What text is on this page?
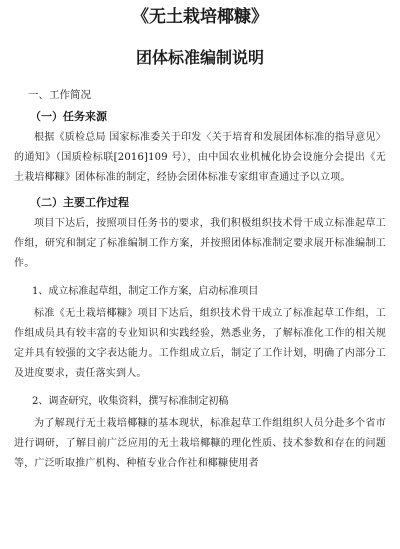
《无土栽培椰糠》
团体标准编制说明
一、工作简况
（一）任务来源

根据《质检总局 国家标准委关于印发〈关于培育和发展团体标准的指导意见〉的通知》（国质检标联[2016]109 号），由中国农业机械化协会设施分会提出《无土栽培椰糠》团体标准的制定，经协会团体标准专家组审查通过予以立项。

（二）主要工作过程

项目下达后，按照项目任务书的要求，我们积极组织技术骨干成立标准起草工作组，研究和制定了标准编制工作方案，并按照团体标准制定要求展开标准编制工作。

1、成立标准起草组，制定工作方案，启动标准项目

标准《无土栽培椰糠》项目下达后，组织技术骨干成立了标准起草工作组，工作组成员具有较丰富的专业知识和实践经验，熟悉业务，了解标准化工作的相关规定并具有较强的文字表达能力。工作组成立后，制定了工作计划，明确了内部分工及进度要求，责任落实到人。

2、调查研究，收集资料，撰写标准制定初稿

为了解现行无土栽培椰糠的基本现状，标准起草工作组组织人员分赴多个省市进行调研，了解目前广泛应用的无土栽培椰糠的理化性质、技术参数和存在的问题等，广泛听取推广机构、种植专业合作社和椰糠使用者
